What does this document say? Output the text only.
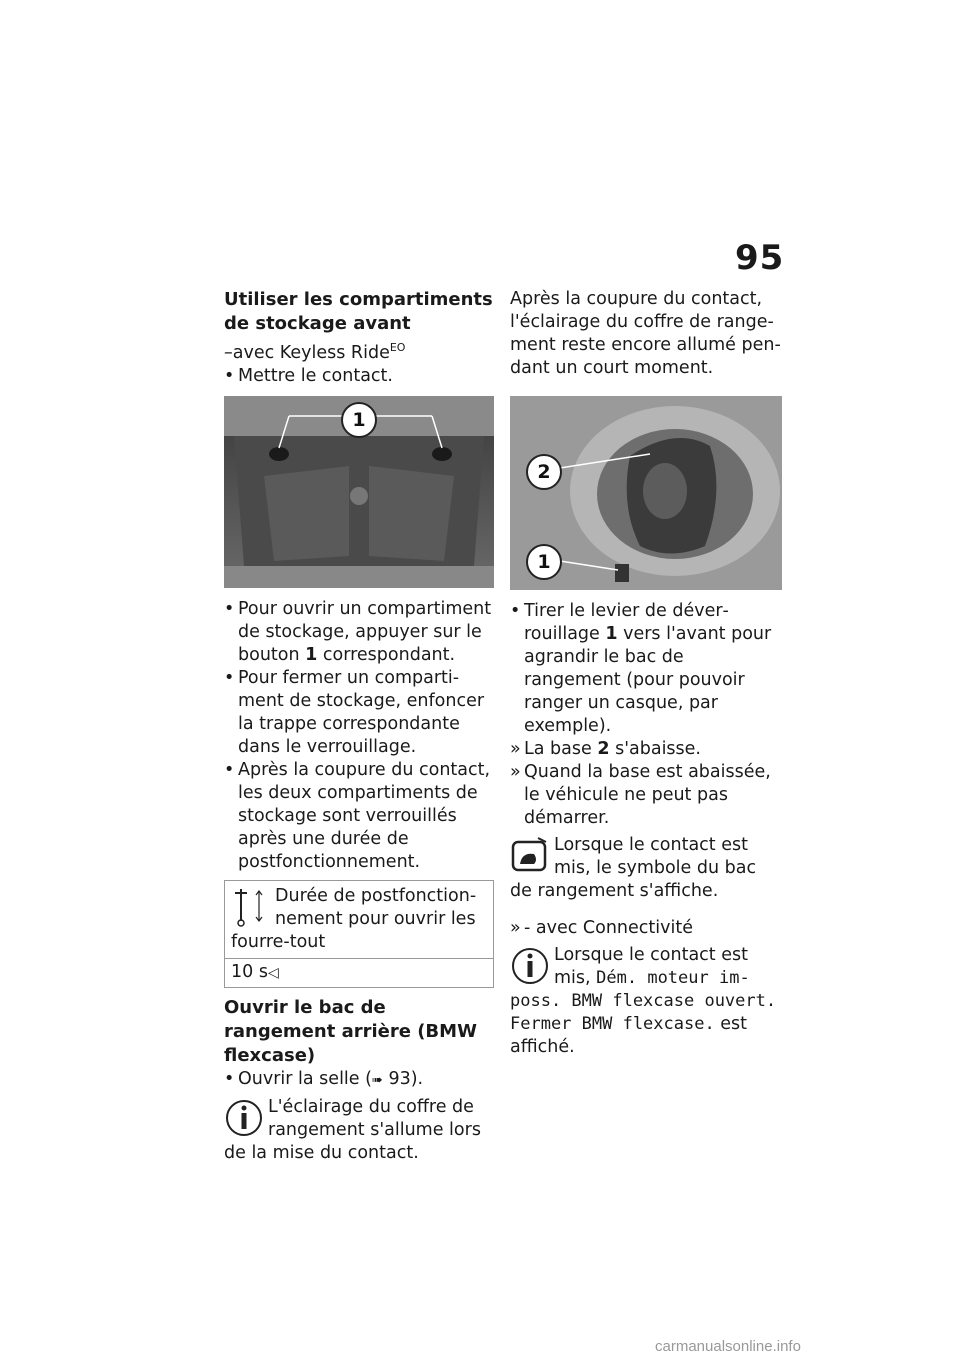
95
Utiliser les compartiments de stockage avant

–avec Keyless Ride$^{EO}$

• Mettre le contact.

1

• Pour ouvrir un compartiment de stockage, appuyer sur le bouton 1 correspondant.

• Pour fermer un compartiment de stockage, enfoncer la trappe correspondante dans le verrouillage.

• Après la coupure du contact, les deux compartiments de stockage sont verrouillés après une durée de postfonctionnement.

Durée de postfonctionnement pour ouvrir les fourre-tout
10 s◁
Ouvrir le bac de rangement arrière (BMW flexcase)

• Ouvrir la selle (➠ 93).

L'éclairage du coffre de rangement s'allume lors de la mise du contact.

Après la coupure du contact, l'éclairage du coffre de rangement reste encore allumé pendant un court moment.

2
1

• Tirer le levier de déverrouillage 1 vers l'avant pour agrandir le bac de rangement (pour pouvoir ranger un casque, par exemple).

» La base 2 s'abaisse.

» Quand la base est abaissée, le véhicule ne peut pas démarrer.

Lorsque le contact est mis, le symbole du bac de rangement s'affiche.

» - avec Connectivité

Lorsque le contact est mis, Dém. moteur imposs. BMW flexcase ouvert. Fermer BMW flexcase. est affiché.
carmanualsonline.info
